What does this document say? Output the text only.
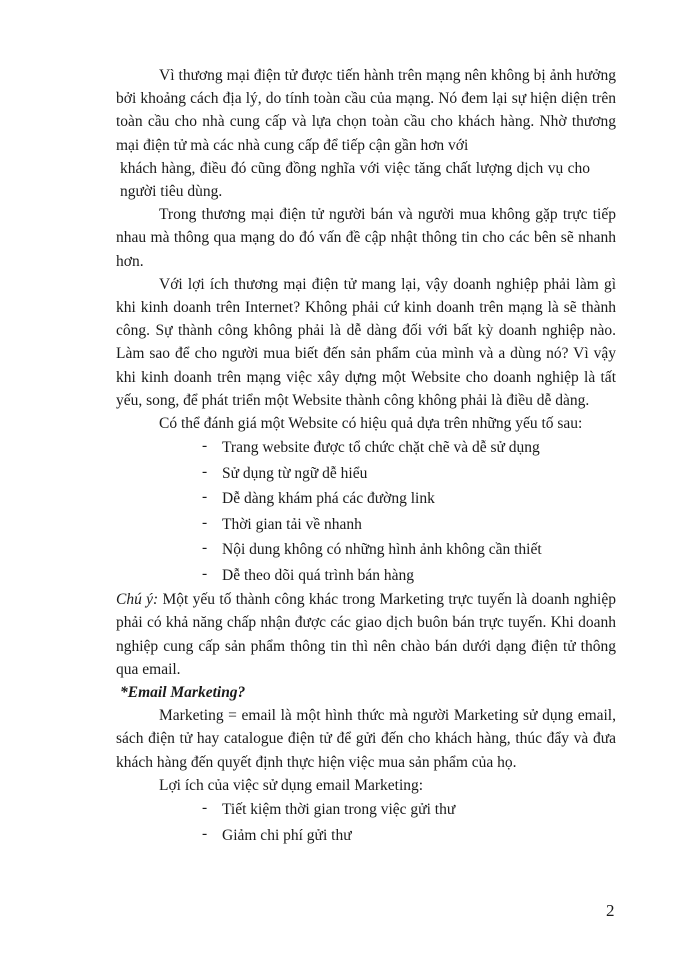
Vì thương mại điện tử được tiến hành trên mạng nên không bị ảnh hưởng bởi khoảng cách địa lý, do tính toàn cầu của mạng. Nó đem lại sự hiện diện trên toàn cầu cho nhà cung cấp và lựa chọn toàn cầu cho khách hàng. Nhờ thương mại điện tử mà các nhà cung cấp để tiếp cận gần hơn với

khách hàng, điều đó cũng đồng nghĩa với việc tăng chất lượng dịch vụ cho người tiêu dùng.

Trong thương mại điện tử người bán và người mua không gặp trực tiếp nhau mà thông qua mạng do đó vấn đề cập nhật thông tin cho các bên sẽ nhanh hơn.

Với lợi ích thương mại điện tử mang lại, vậy doanh nghiệp phải làm gì khi kinh doanh trên Internet? Không phải cứ kinh doanh trên mạng là sẽ thành công. Sự thành công không phải là dễ dàng đối với bất kỳ doanh nghiệp nào. Làm sao để cho người mua biết đến sản phẩm của mình và a dùng nó? Vì vậy khi kinh doanh trên mạng việc xây dựng một Website cho doanh nghiệp là tất yếu, song, để phát triển một Website thành công không phải là điều dễ dàng.

Có thể đánh giá một Website có hiệu quả dựa trên những yếu tố sau:

- Trang website được tổ chức chặt chẽ và dễ sử dụng
- Sử dụng từ ngữ dễ hiểu
- Dễ dàng khám phá các đường link
- Thời gian tải về nhanh
- Nội dung không có những hình ảnh không cần thiết
- Dễ theo dõi quá trình bán hàng

Chú ý: Một yếu tố thành công khác trong Marketing trực tuyến là doanh nghiệp phải có khả năng chấp nhận được các giao dịch buôn bán trực tuyến. Khi doanh nghiệp cung cấp sản phẩm thông tin thì nên chào bán dưới dạng điện tử thông qua email.

*Email Marketing?

Marketing = email là một hình thức mà người Marketing sử dụng email, sách điện tử hay catalogue điện tử để gửi đến cho khách hàng, thúc đẩy và đưa khách hàng đến quyết định thực hiện việc mua sản phẩm của họ.

Lợi ích của việc sử dụng email Marketing:

- Tiết kiệm thời gian trong việc gửi thư
- Giảm chi phí gửi thư
2
